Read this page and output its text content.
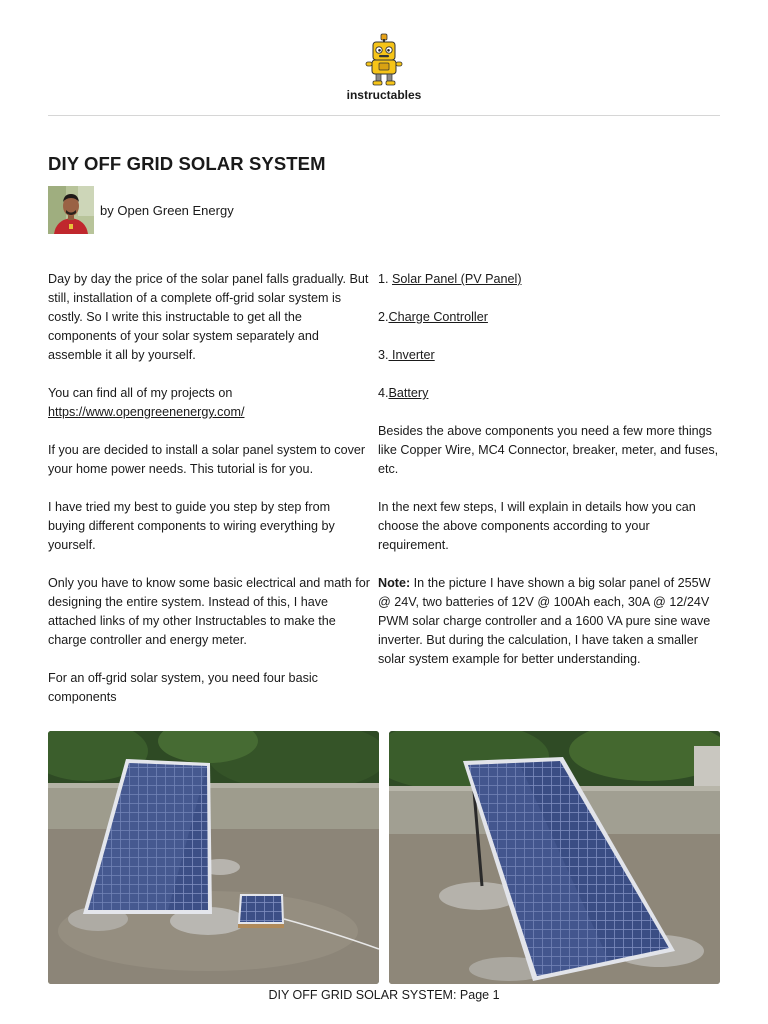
instructables
DIY OFF GRID SOLAR SYSTEM
by Open Green Energy

Day by day the price of the solar panel falls gradually. But still, installation of a complete off-grid solar system is costly. So I write this instructable to get all the components of your solar system separately and assemble it all by yourself.

You can find all of my projects on
https://www.opengreenenergy.com/

If you are decided to install a solar panel system to cover your home power needs. This tutorial is for you.

I have tried my best to guide you step by step from buying different components to wiring everything by yourself.

Only you have to know some basic electrical and math for designing the entire system. Instead of this, I have attached links of my other Instructables to make the charge controller and energy meter.

For an off-grid solar system, you need four basic components

1. Solar Panel (PV Panel)

2.Charge Controller

3. Inverter

4.Battery

Besides the above components you need a few more things like Copper Wire, MC4 Connector, breaker, meter, and fuses, etc.

In the next few steps, I will explain in details how you can choose the above components according to your requirement.

Note: In the picture I have shown a big solar panel of 255W @ 24V, two batteries of 12V @ 100Ah each, 30A @ 12/24V PWM solar charge controller and a 1600 VA pure sine wave inverter. But during the calculation, I have taken a smaller solar system example for better understanding.

DIY OFF GRID SOLAR SYSTEM: Page 1
